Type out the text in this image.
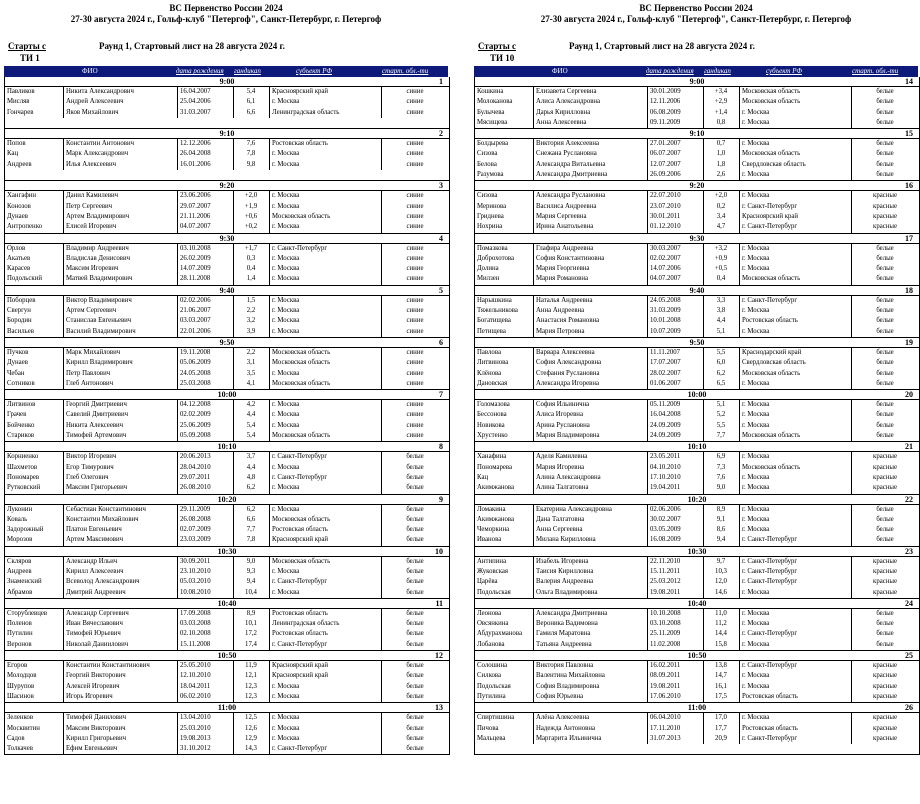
ВС Первенство России 2024
27-30 августа 2024 г., Гольф-клуб "Петергоф", Санкт-Петербург, г. Петергоф
Старты с
ТИ 1
Раунд 1, Стартовый лист на 28 августа 2024 г.
ФИО	дата рождения гандикап	субъект РФ	старт. обл.-ти
9:00	1
Павликов	Никита Александрович	16.04.2007	5,4	Красноярский край	синие
Мисляв	Андрей Алексеевич	25.04.2006	6,1	г. Москва	синие
Гончарев	Яков Михайлович	31.03.2007	6,6	Ленинградская область	синие
9:10	2
Попов	Константин Антонович	12.12.2006	7,6	Ростовская область	синие
Кац	Марк Александрович	26.04.2008	7,8	г. Москва	синие
Андреев	Илья Алексеевич	16.01.2006	9,8	г. Москва	синие
9:20	3
Хангафин	Данил Камилевич	23.06.2006	+2,0	г. Москва	синие
Конозов	Петр Сергеевич	29.07.2007	+1,9	г. Москва	синие
Дунаев	Артем Владимирович	21.11.2006	+0,6	Московская область	синие
Антропенко	Елисей Игоревич	04.07.2007	+0,2	г. Москва	синие
9:30	4
Орлов	Владимир Андреевич	03.10.2008	+1,7	г. Санкт-Петербург	синие
Акатьев	Владислав Денисович	26.02.2009	0,3	г. Москва	синие
Карасев	Максим Игоревич	14.07.2009	0,4	г. Москва	синие
Подольский	Матвей Владимирович	28.11.2008	1,4	г. Москва	синие
9:40	5
Поборцев	Виктор Владимирович	02.02.2006	1,5	г. Москва	синие
Свергун	Артем Сергеевич	21.06.2007	2,2	г. Москва	синие
Бородин	Станислав Евгеньевич	03.03.2007	3,2	г. Москва	синие
Васильев	Василий Владимирович	22.01.2006	3,9	г. Москва	синие
9:50	6
Пучков	Марк Михайлович	19.11.2008	2,2	Московская область	синие
Дунаев	Кирилл Владимирович	05.06.2009	3,1	Московская область	синие
Чебан	Петр Павлович	24.05.2008	3,5	г. Москва	синие
Сотников	Глеб Антонович	25.03.2008	4,1	Московская область	синие
10:00	7
Литвинов	Георгий Дмитриевич	04.12.2008	4,2	г. Москва	синие
Грачев	Савелий Дмитриевич	02.02.2009	4,4	г. Москва	синие
Бойченко	Никита Алексеевич	25.06.2009	5,4	г. Москва	синие
Стариков	Тимофей Артемович	05.09.2008	5,4	Московская область	синие
10:10	8
Корниенко	Виктор Игоревич	20.06.2013	3,7	г. Санкт-Петербург	белые
Шахметов	Егор Тимурович	28.04.2010	4,4	г. Москва	белые
Пономарев	Глеб Олегович	29.07.2011	4,8	г. Санкт-Петербург	белые
Рутковский	Максим Григорьевич	26.08.2010	6,2	г. Москва	белые
10:20	9
Луконин	Себастиан Константинович	29.11.2009	6,2	г. Москва	белые
Коваль	Константин Михайлович	26.08.2008	6,6	Московская область	белые
Задорожный	Платон Евгеньевич	02.07.2009	7,7	Ростовская область	белые
Морозов	Артем Максимович	23.03.2009	7,8	Красноярский край	белые
10:30	10
Скляров	Александр Ильич	30.09.2011	9,0	Московская область	белые
Андреев	Кирилл Алексеевич	23.10.2010	9,3	г. Москва	белые
Знаменский	Всеволод Александрович	05.03.2010	9,4	г. Санкт-Петербург	белые
Абрамов	Дмитрий Андреевич	10.08.2010	10,4	г. Москва	белые
10:40	11
Сторублевцев	Александр Сергеевич	17.09.2008	8,9	Ростовская область	белые
Поленов	Иван Вячеславович	03.03.2008	10,1	Ленинградская область	белые
Путилин	Тимофей Юрьевич	02.10.2008	17,2	Ростовская область	белые
Веронов	Николай Даниилович	15.11.2008	17,4	г. Санкт-Петербург	белые
10:50	12
Егоров	Константин Константинович	25.05.2010	11,9	Красноярский край	белые
Молодцов	Георгий Викторович	12.10.2010	12,1	Красноярский край	белые
Шурупов	Алексей Игоревич	18.04.2011	12,3	г. Москва	белые
Шасинов	Игорь Игоревич	06.02.2010	12,3	г. Москва	белые
11:00	13
Зеленков	Тимофей Данилович	13.04.2010	12,5	г. Москва	белые
Москвитин	Максим Викторович	25.03.2010	12,6	г. Москва	белые
Садов	Кирилл Григорьевич	19.08.2013	12,9	г. Москва	белые
Толкачев	Ефим Евгеньевич	31.10.2012	14,3	г. Санкт-Петербург	белые
ВС Первенство России 2024
27-30 августа 2024 г., Гольф-клуб "Петергоф", Санкт-Петербург, г. Петергоф
Старты с
ТИ 10
Раунд 1, Стартовый лист на 28 августа 2024 г.
ФИО	дата рождения гандикап	субъект РФ	старт. обл.-ти
9:00	14
Кошкина	Елизавета Сергеевна	30.01.2009	+3,4	Московская область	белые
Молоканова	Алиса Александровна	12.11.2006	+2,9	Московская область	белые
Булычева	Дарья Кирилловна	06.08.2009	+1,4	г. Москва	белые
Мясищева	Анна Алексеевна	09.11.2009	0,8	г. Москва	белые
9:10	15
Болдырева	Виктория Алексеевна	27.01.2007	0,7	г. Москва	белые
Сизова	Снежана Руслановна	06.07.2007	1,0	Московская область	белые
Белова	Александра Витальевна	12.07.2007	1,8	Свердловская область	белые
Разумова	Александра Дмитриевна	26.09.2006	2,6	г. Москва	белые
9:20	16
Сизова	Александра Руслановна	22.07.2010	+2,0	г. Москва	красные
Меринова	Василиса Андреевна	23.07.2010	0,2	г. Санкт-Петербург	красные
Гриднева	Мария Сергеевна	30.01.2011	3,4	Красноярский край	красные
Нохрина	Ирина Анатольевна	01.12.2010	4,7	г. Санкт-Петербург	красные
9:30	17
Помазкова	Глафира Андреевна	30.03.2007	+3,2	г. Москва	белые
Доброхотова	София Константиновна	02.02.2007	+0,9	г. Москва	белые
Долина	Мария Георгиевна	14.07.2006	+0,5	г. Москва	белые
Милзен	Мария Романовна	04.07.2007	0,4	Московская область	белые
9:40	18
Нарышкина	Наталья Андреевна	24.05.2008	3,3	г. Санкт-Петербург	белые
Тяжельникова	Анна Андреевна	31.03.2009	3,8	г. Москва	белые
Богатищева	Анастасия Романовна	10.01.2008	4,4	Ростовская область	белые
Петищева	Мария Петровна	10.07.2009	5,1	г. Москва	белые
9:50	19
Павлова	Варвара Алексеевна	11.11.2007	5,5	Краснодарский край	белые
Литвинова	София Александровна	17.07.2007	6,0	Свердловская область	белые
Клёнова	Стефания Руслановна	28.02.2007	6,2	Московская область	белые
Дановская	Александра Игоревна	01.06.2007	6,5	г. Москва	белые
10:00	20
Голомазова	София Ильинична	05.11.2009	5,1	г. Москва	белые
Бессонова	Алиса Игоревна	16.04.2008	5,2	г. Москва	белые
Новикова	Арина Руслановна	24.09.2009	5,5	г. Москва	белые
Хрустенко	Мария Владимировна	24.09.2009	7,7	Московская область	белые
10:10	21
Ханафина	Аделя Камилевна	23.05.2011	6,9	г. Москва	красные
Пономарева	Мария Игоревна	04.10.2010	7,3	Московская область	красные
Кац	Алина Александровна	17.10.2010	7,6	г. Москва	красные
Акимжанова	Алина Талгатовна	19.04.2011	9,0	г. Москва	красные
10:20	22
Ломакина	Екатерина Александровна	02.06.2006	8,9	г. Москва	белые
Акимжанова	Дана Талгатовна	30.02.2007	9,1	г. Москва	белые
Чеморкина	Анна Сергеевна	03.05.2009	8,6	г. Москва	белые
Иванова	Милана Кирилловна	16.08.2009	9,4	г. Санкт-Петербург	белые
10:30	23
Антипина	Изабель Игоревна	22.11.2010	9,7	г. Санкт-Петербург	красные
Жуковская	Таисия Кирилловна	15.11.2011	10,3	г. Санкт-Петербург	красные
Царёва	Валерия Андреевна	25.03.2012	12,0	г. Санкт-Петербург	красные
Подольская	Ольга Владимировна	19.08.2011	14,6	г. Москва	красные
10:40	24
Леонова	Александра Дмитриевна	10.10.2008	11,0	г. Москва	белые
Овсянкина	Вероника Вадимовна	03.10.2008	11,2	г. Москва	белые
Абдурахманова	Гамиля Маратовна	25.11.2009	14,4	г. Санкт-Петербург	белые
Лобанова	Татьяна Андреевна	11.02.2008	15,8	г. Москва	белые
10:50	25
Солошина	Виктория Павловна	16.02.2011	13,8	г. Санкт-Петербург	красные
Силкова	Валентина Михайловна	08.09.2011	14,7	г. Москва	красные
Подольская	София Владимировна	19.08.2011	16,1	г. Москва	красные
Путилина	София Юрьевна	17.06.2010	17,5	Ростовская область	красные
11:00	26
Спиртишина	Алёна Алексеевна	06.04.2010	17,0	г. Москва	красные
Пичова	Надежда Антоновна	17.11.2010	17,7	Ростовская область	красные
Мальцева	Маргарита Ильинична	31.07.2013	20,9	г. Санкт-Петербург	красные
